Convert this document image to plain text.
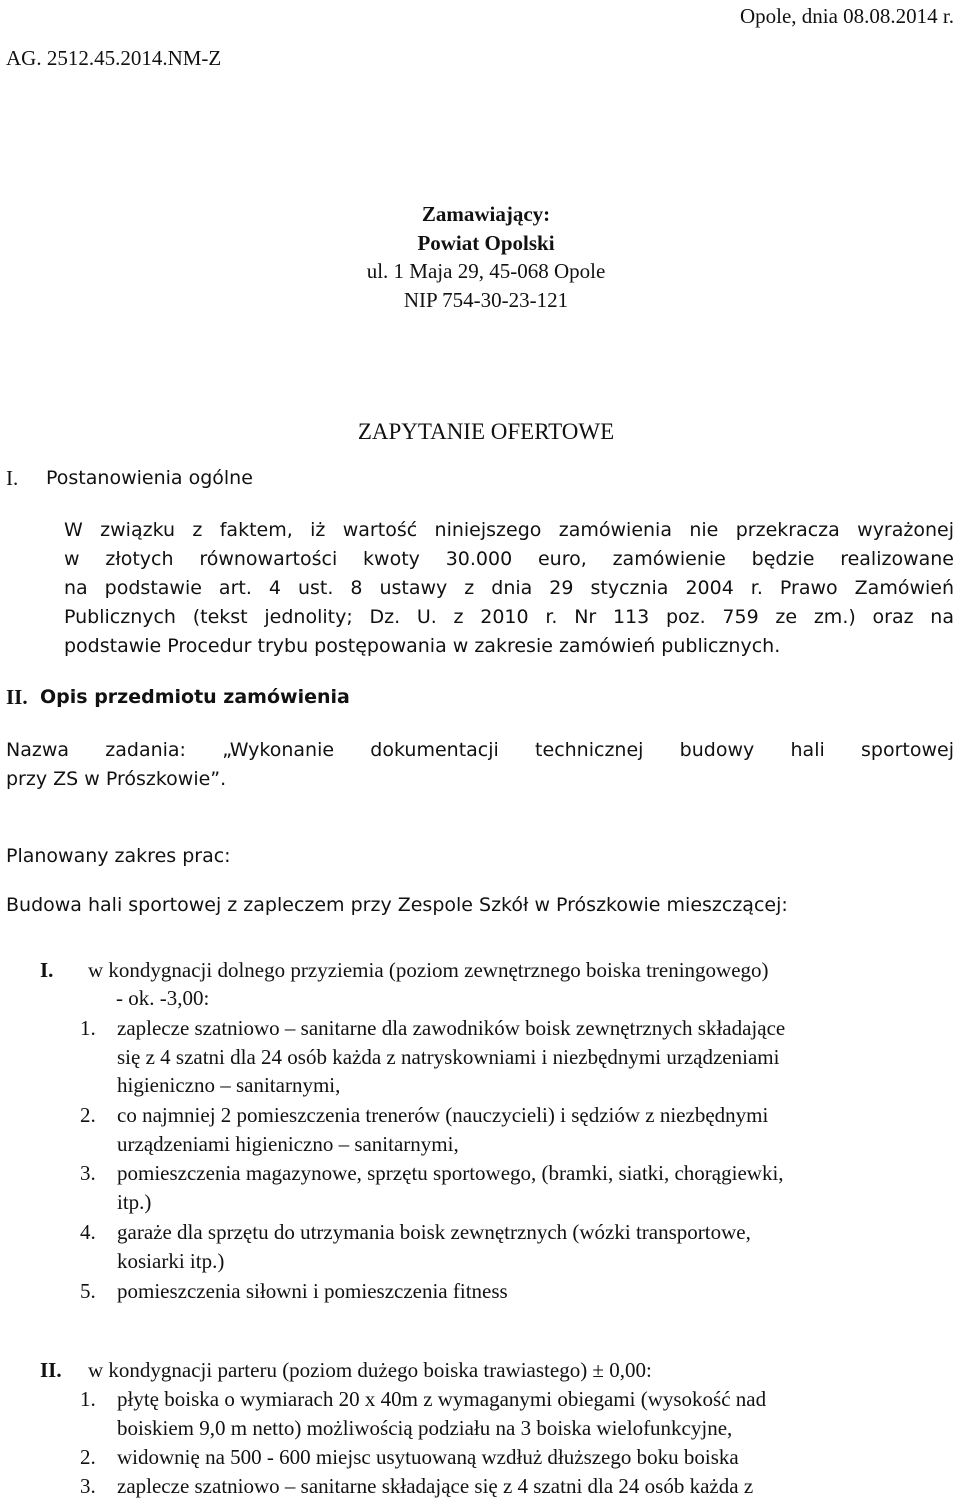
AG. 2512.45.2014.NM-Z
Opole, dnia 08.08.2014 r.
Zamawiający:
Powiat Opolski
ul. 1 Maja 29, 45-068 Opole
NIP 754-30-23-121
ZAPYTANIE OFERTOWE
I. Postanowienia ogólne
W związku z faktem, iż wartość niniejszego zamówienia nie przekracza wyrażonej
w złotych równowartości kwoty 30.000 euro, zamówienie będzie realizowane
na podstawie art. 4 ust. 8 ustawy z dnia 29 stycznia 2004 r. Prawo Zamówień
Publicznych (tekst jednolity; Dz. U. z 2010 r. Nr 113 poz. 759 ze zm.) oraz na
podstawie Procedur trybu postępowania w zakresie zamówień publicznych.
II. Opis przedmiotu zamówienia
Nazwa zadania: „Wykonanie dokumentacji technicznej budowy hali sportowej
przy ZS w Prószkowie”.
Planowany zakres prac:
Budowa hali sportowej z zapleczem przy Zespole Szkół w Prószkowie mieszczącej:
I. w kondygnacji dolnego przyziemia (poziom zewnętrznego boiska treningowego)
- ok. -3,00:
1. zaplecze szatniowo – sanitarne dla zawodników boisk zewnętrznych składające
się z 4 szatni dla 24 osób każda z natryskowniami i niezbędnymi urządzeniami
higieniczno – sanitarnymi,
2. co najmniej 2 pomieszczenia trenerów (nauczycieli) i sędziów z niezbędnymi
urządzeniami higieniczno – sanitarnymi,
3. pomieszczenia magazynowe, sprzętu sportowego, (bramki, siatki, chorągiewki,
itp.)
4. garaże dla sprzętu do utrzymania boisk zewnętrznych (wózki transportowe,
kosiarki itp.)
5. pomieszczenia siłowni i pomieszczenia fitness
II. w kondygnacji parteru (poziom dużego boiska trawiastego) ± 0,00:
1. płytę boiska o wymiarach 20 x 40m z wymaganymi obiegami (wysokość nad
boiskiem 9,0 m netto) możliwością podziału na 3 boiska wielofunkcyjne,
2. widownię na 500 - 600 miejsc usytuowaną wzdłuż dłuższego boku boiska
3. zaplecze szatniowo – sanitarne składające się z 4 szatni dla 24 osób każda z
